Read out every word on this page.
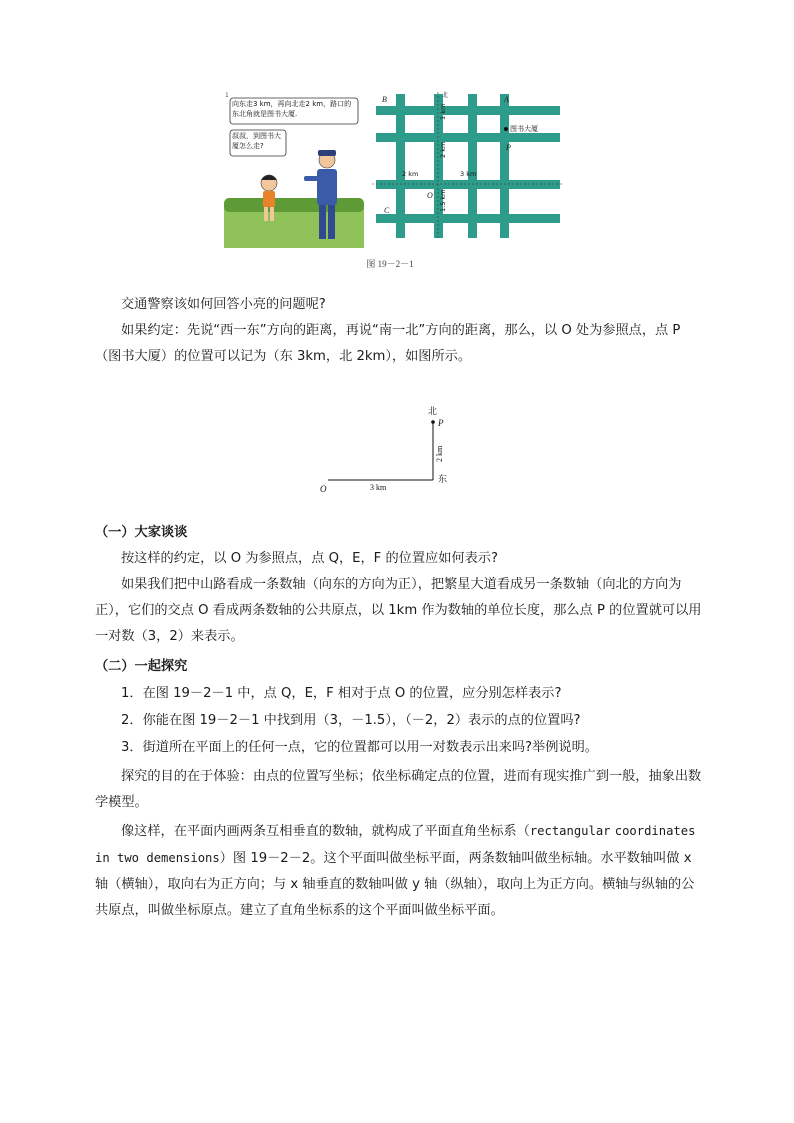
1
向东走3 km，再向北走2 km，路口的东北角就是图书大厦.
叔叔，到图书大厦怎么走?
B	A
P
O
C
北
图书大厦
2 km	3 km
2 km
1.5 km
1 km
图 19－2－1

交通警察该如何回答小亮的问题呢?

如果约定：先说“西一东”方向的距离，再说“南一北”方向的距离，那么，以 O 处为参照点，点 P（图书大厦）的位置可以记为（东 3km，北 2km），如图所示。

北
P
东
O	3 km
2 km

（一）大家谈谈

按这样的约定，以 O 为参照点，点 Q，E，F 的位置应如何表示?

如果我们把中山路看成一条数轴（向东的方向为正），把繁星大道看成另一条数轴（向北的方向为正），它们的交点 O 看成两条数轴的公共原点，以 1km 作为数轴的单位长度，那么点 P 的位置就可以用一对数（3，2）来表示。

（二）一起探究

1．在图 19－2－1 中，点 Q，E，F 相对于点 O 的位置，应分别怎样表示?

2．你能在图 19－2－1 中找到用（3，－1.5），（－2，2）表示的点的位置吗?

3．街道所在平面上的任何一点，它的位置都可以用一对数表示出来吗?举例说明。

探究的目的在于体验：由点的位置写坐标；依坐标确定点的位置，进而有现实推广到一般，抽象出数学模型。

像这样，在平面内画两条互相垂直的数轴，就构成了平面直角坐标系（rectangular coordinates in two demensions）图 19－2－2。这个平面叫做坐标平面，两条数轴叫做坐标轴。水平数轴叫做 x 轴（横轴），取向右为正方向；与 x 轴垂直的数轴叫做 y 轴（纵轴），取向上为正方向。横轴与纵轴的公共原点，叫做坐标原点。建立了直角坐标系的这个平面叫做坐标平面。
